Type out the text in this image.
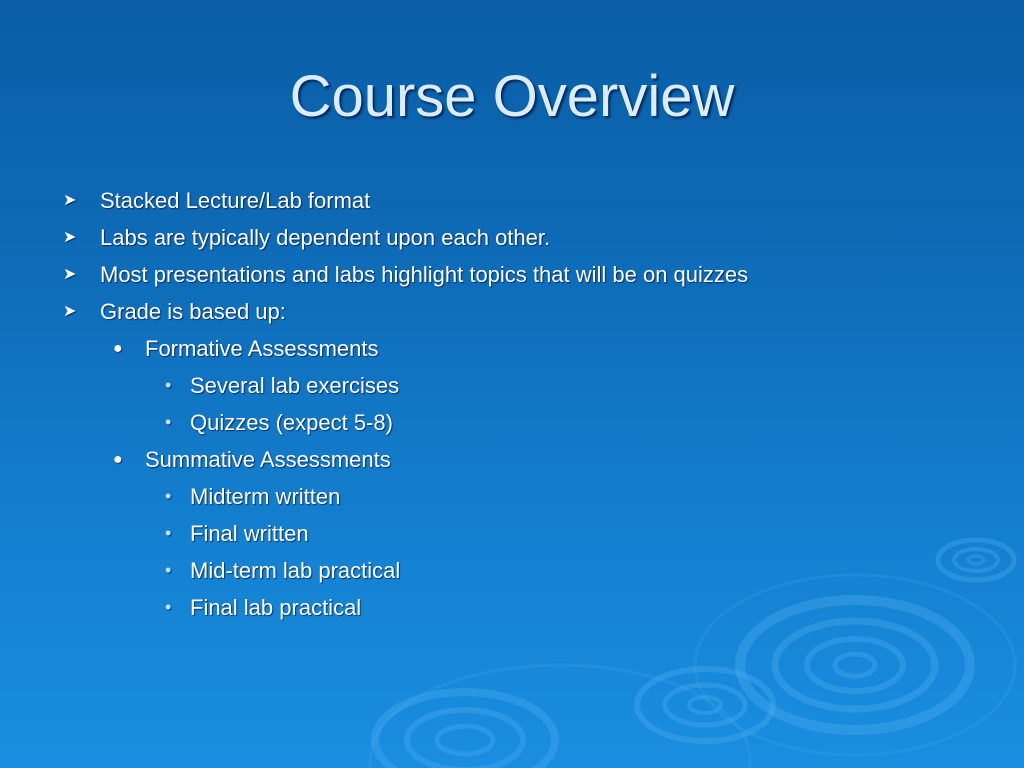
Course Overview
➤ Stacked Lecture/Lab format
➤ Labs are typically dependent upon each other.
➤ Most presentations and labs highlight topics that will be on quizzes
➤ Grade is based up:
● Formative Assessments
• Several lab exercises
• Quizzes (expect 5-8)
● Summative Assessments
• Midterm written
• Final written
• Mid-term lab practical
• Final lab practical
